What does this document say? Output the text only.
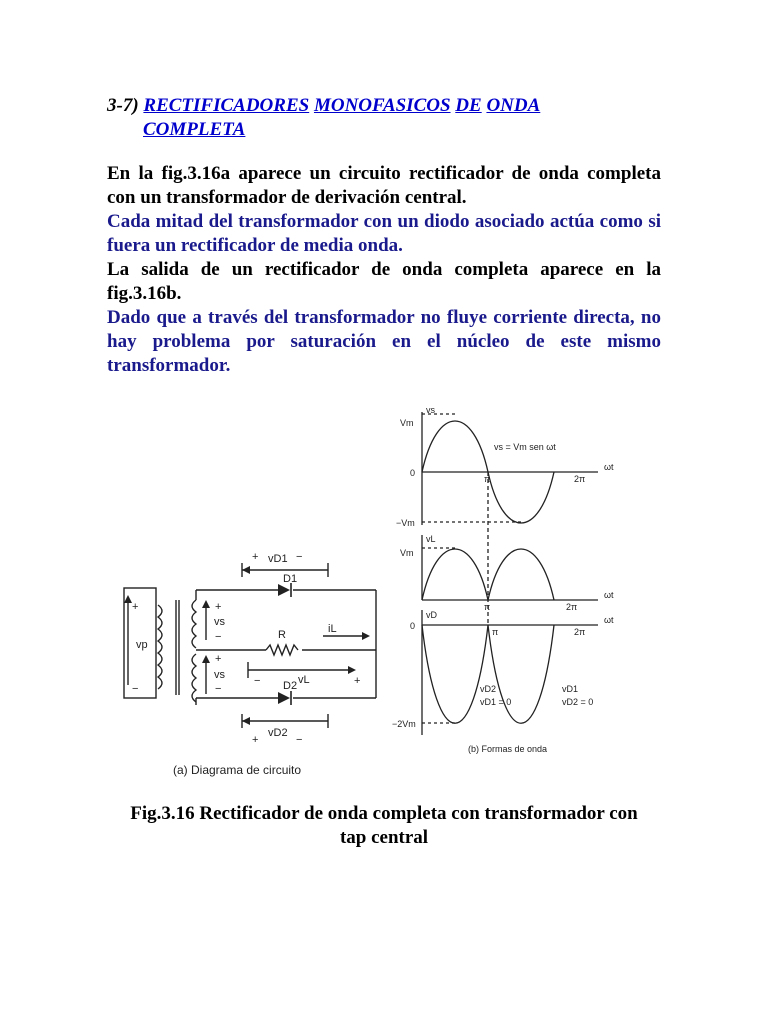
3-7) RECTIFICADORES MONOFASICOS DE ONDA
COMPLETA

En la fig.3.16a aparece un circuito rectificador de onda completa con un transformador de derivación central.

Cada mitad del transformador con un diodo asociado actúa como si fuera un rectificador de media onda.

La salida de un rectificador de onda completa aparece en la fig.3.16b.

Dado que a través del transformador no fluye corriente directa, no hay problema por saturación en el núcleo de este mismo transformador.

vp
vs
vs
vD1
D1
R	iL
vL
D2
vD2
+
−
+
−
+
−
+	−
+	−
−	+
(a) Diagrama de circuito
vs
Vm
0
−Vm
vs = Vm sen ωt
ωt
π	2π
vL
Vm
ωt
π	2π
vD
0
ωt
π	2π
vD2
vD1 = 0
vD1
vD2 = 0
−2Vm
(b) Formas de onda
Fig.3.16 Rectificador de onda completa con transformador con
tap central
